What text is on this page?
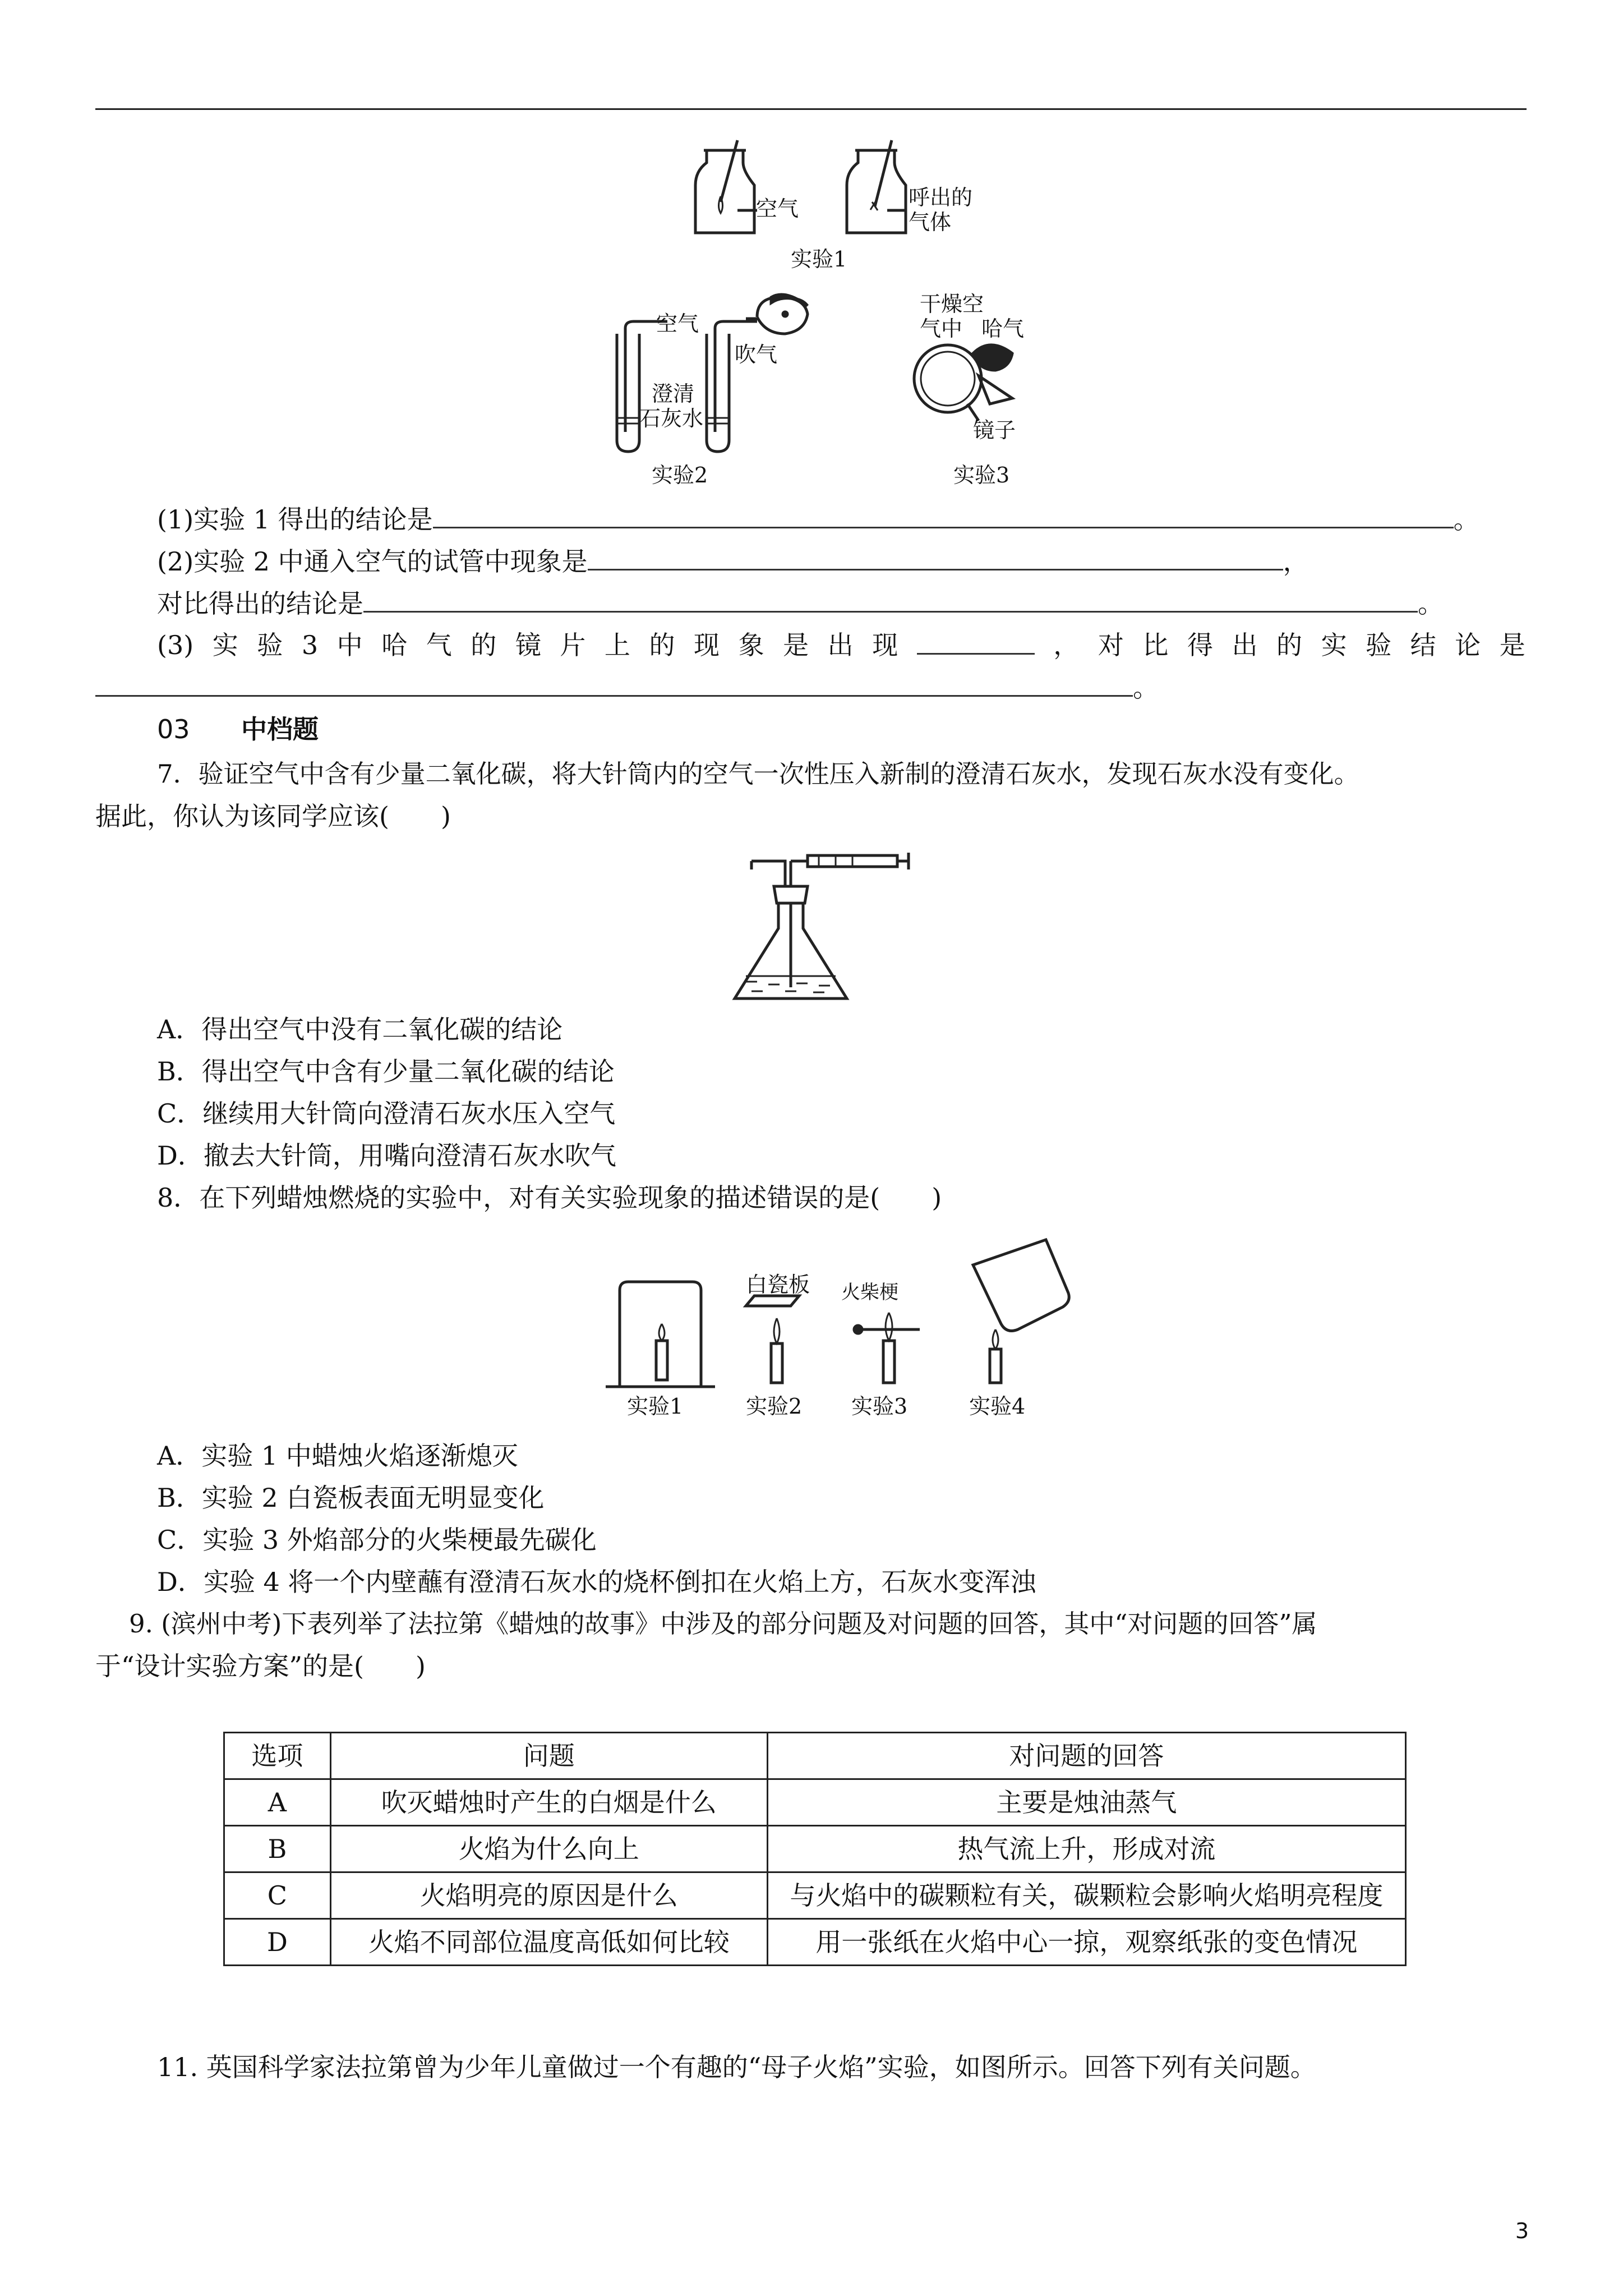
空气	呼出的
气体
实验1
空气
吹气
澄清
石灰水
实验2
干燥空
气中 哈气
镜子
实验3
(1)实验 1 得出的结论是	。
(2)实验 2 中通入空气的试管中现象是	，
对比得出的结论是	。
(3) 实 验 3 中 哈 气 的 镜 片 上 的 现 象 是 出 现	， 对 比 得 出 的 实 验 结 论 是
。
03 中档题
7．验证空气中含有少量二氧化碳，将大针筒内的空气一次性压入新制的澄清石灰水，发现石灰水没有变化。
据此，你认为该同学应该(　　)
A．得出空气中没有二氧化碳的结论
B．得出空气中含有少量二氧化碳的结论
C．继续用大针筒向澄清石灰水压入空气
D．撤去大针筒，用嘴向澄清石灰水吹气
8．在下列蜡烛燃烧的实验中，对有关实验现象的描述错误的是(　　)
白瓷板 火柴梗
实验1	实验2 实验3	实验4
A．实验 1 中蜡烛火焰逐渐熄灭
B．实验 2 白瓷板表面无明显变化
C．实验 3 外焰部分的火柴梗最先碳化
D．实验 4 将一个内壁蘸有澄清石灰水的烧杯倒扣在火焰上方，石灰水变浑浊
9. (滨州中考)下表列举了法拉第《蜡烛的故事》中涉及的部分问题及对问题的回答，其中“对问题的回答”属
于“设计实验方案”的是(　　)
选项	问题	对问题的回答
A	吹灭蜡烛时产生的白烟是什么	主要是烛油蒸气
B	火焰为什么向上	热气流上升，形成对流
C	火焰明亮的原因是什么	与火焰中的碳颗粒有关，碳颗粒会影响火焰明亮程度
D	火焰不同部位温度高低如何比较	用一张纸在火焰中心一掠，观察纸张的变色情况
11. 英国科学家法拉第曾为少年儿童做过一个有趣的“母子火焰”实验，如图所示。回答下列有关问题。
3
